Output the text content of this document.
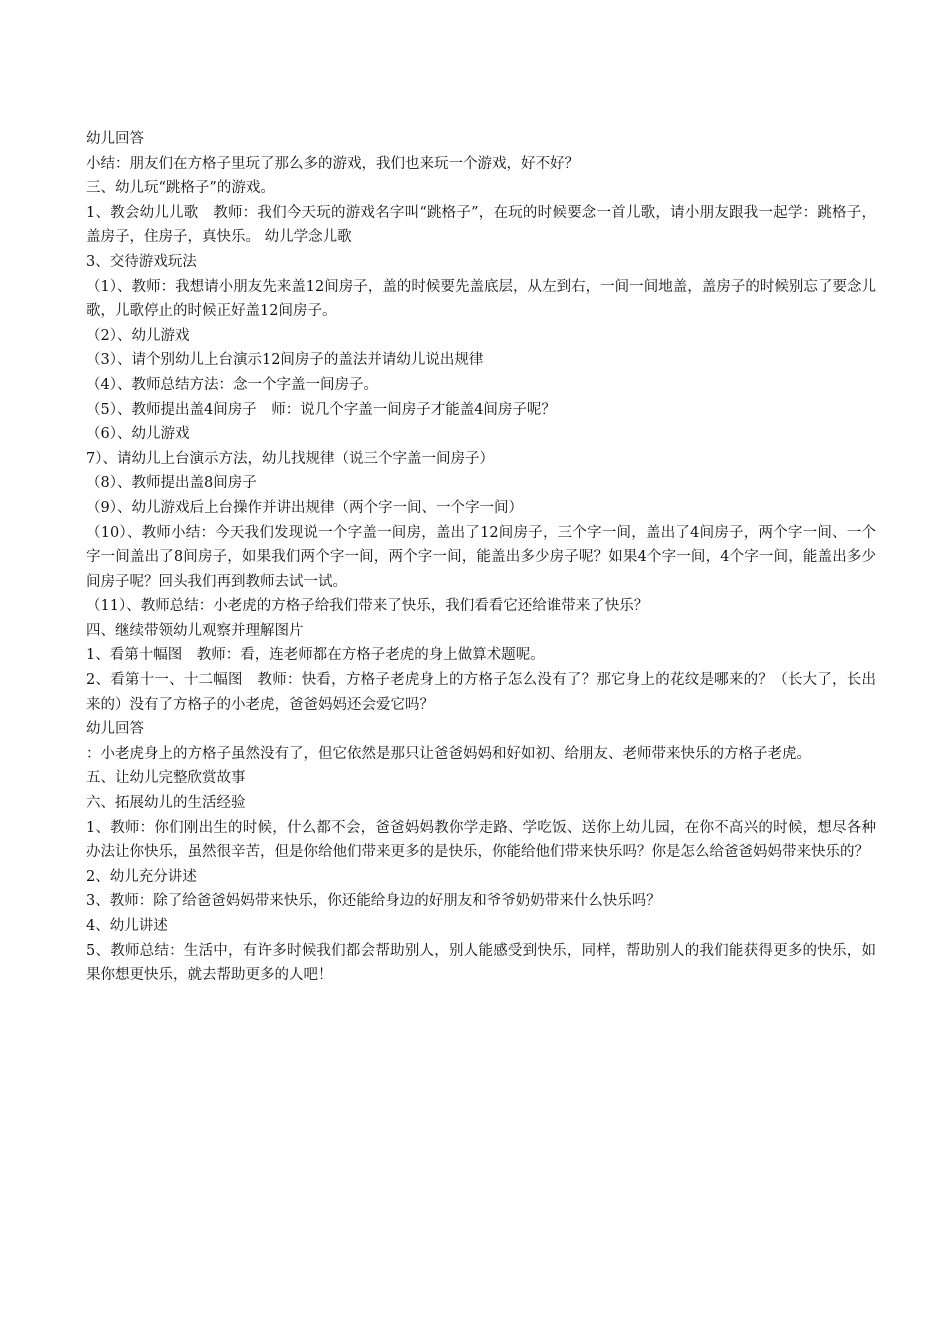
幼儿回答

小结：朋友们在方格子里玩了那么多的游戏，我们也来玩一个游戏，好不好？

三、幼儿玩“跳格子”的游戏。

1、教会幼儿儿歌　教师：我们今天玩的游戏名字叫“跳格子”，在玩的时候要念一首儿歌，请小朋友跟我一起学：跳格子，盖房子，住房子，真快乐。 幼儿学念儿歌

3、交待游戏玩法

（1）、教师：我想请小朋友先来盖12间房子，盖的时候要先盖底层，从左到右，一间一间地盖，盖房子的时候别忘了要念儿歌，儿歌停止的时候正好盖12间房子。

（2）、幼儿游戏

（3）、请个别幼儿上台演示12间房子的盖法并请幼儿说出规律

（4）、教师总结方法：念一个字盖一间房子。

（5）、教师提出盖4间房子　师：说几个字盖一间房子才能盖4间房子呢？

（6）、幼儿游戏

7）、请幼儿上台演示方法，幼儿找规律（说三个字盖一间房子）

（8）、教师提出盖8间房子

（9）、幼儿游戏后上台操作并讲出规律（两个字一间、一个字一间）

（10）、教师小结：今天我们发现说一个字盖一间房，盖出了12间房子，三个字一间，盖出了4间房子，两个字一间、一个字一间盖出了8间房子，如果我们两个字一间，两个字一间，能盖出多少房子呢？如果4个字一间，4个字一间，能盖出多少间房子呢？回头我们再到教师去试一试。

（11）、教师总结：小老虎的方格子给我们带来了快乐，我们看看它还给谁带来了快乐？

四、继续带领幼儿观察并理解图片

1、看第十幅图　教师：看，连老师都在方格子老虎的身上做算术题呢。

2、看第十一、十二幅图　教师：快看，方格子老虎身上的方格子怎么没有了？那它身上的花纹是哪来的？（长大了，长出来的）没有了方格子的小老虎，爸爸妈妈还会爱它吗？

幼儿回答

：小老虎身上的方格子虽然没有了，但它依然是那只让爸爸妈妈和好如初、给朋友、老师带来快乐的方格子老虎。

五、让幼儿完整欣赏故事

六、拓展幼儿的生活经验

1、教师：你们刚出生的时候，什么都不会，爸爸妈妈教你学走路、学吃饭、送你上幼儿园，在你不高兴的时候，想尽各种办法让你快乐，虽然很辛苦，但是你给他们带来更多的是快乐，你能给他们带来快乐吗？你是怎么给爸爸妈妈带来快乐的？

2、幼儿充分讲述

3、教师：除了给爸爸妈妈带来快乐，你还能给身边的好朋友和爷爷奶奶带来什么快乐吗？

4、幼儿讲述

5、教师总结：生活中，有许多时候我们都会帮助别人，别人能感受到快乐，同样，帮助别人的我们能获得更多的快乐，如果你想更快乐，就去帮助更多的人吧！
